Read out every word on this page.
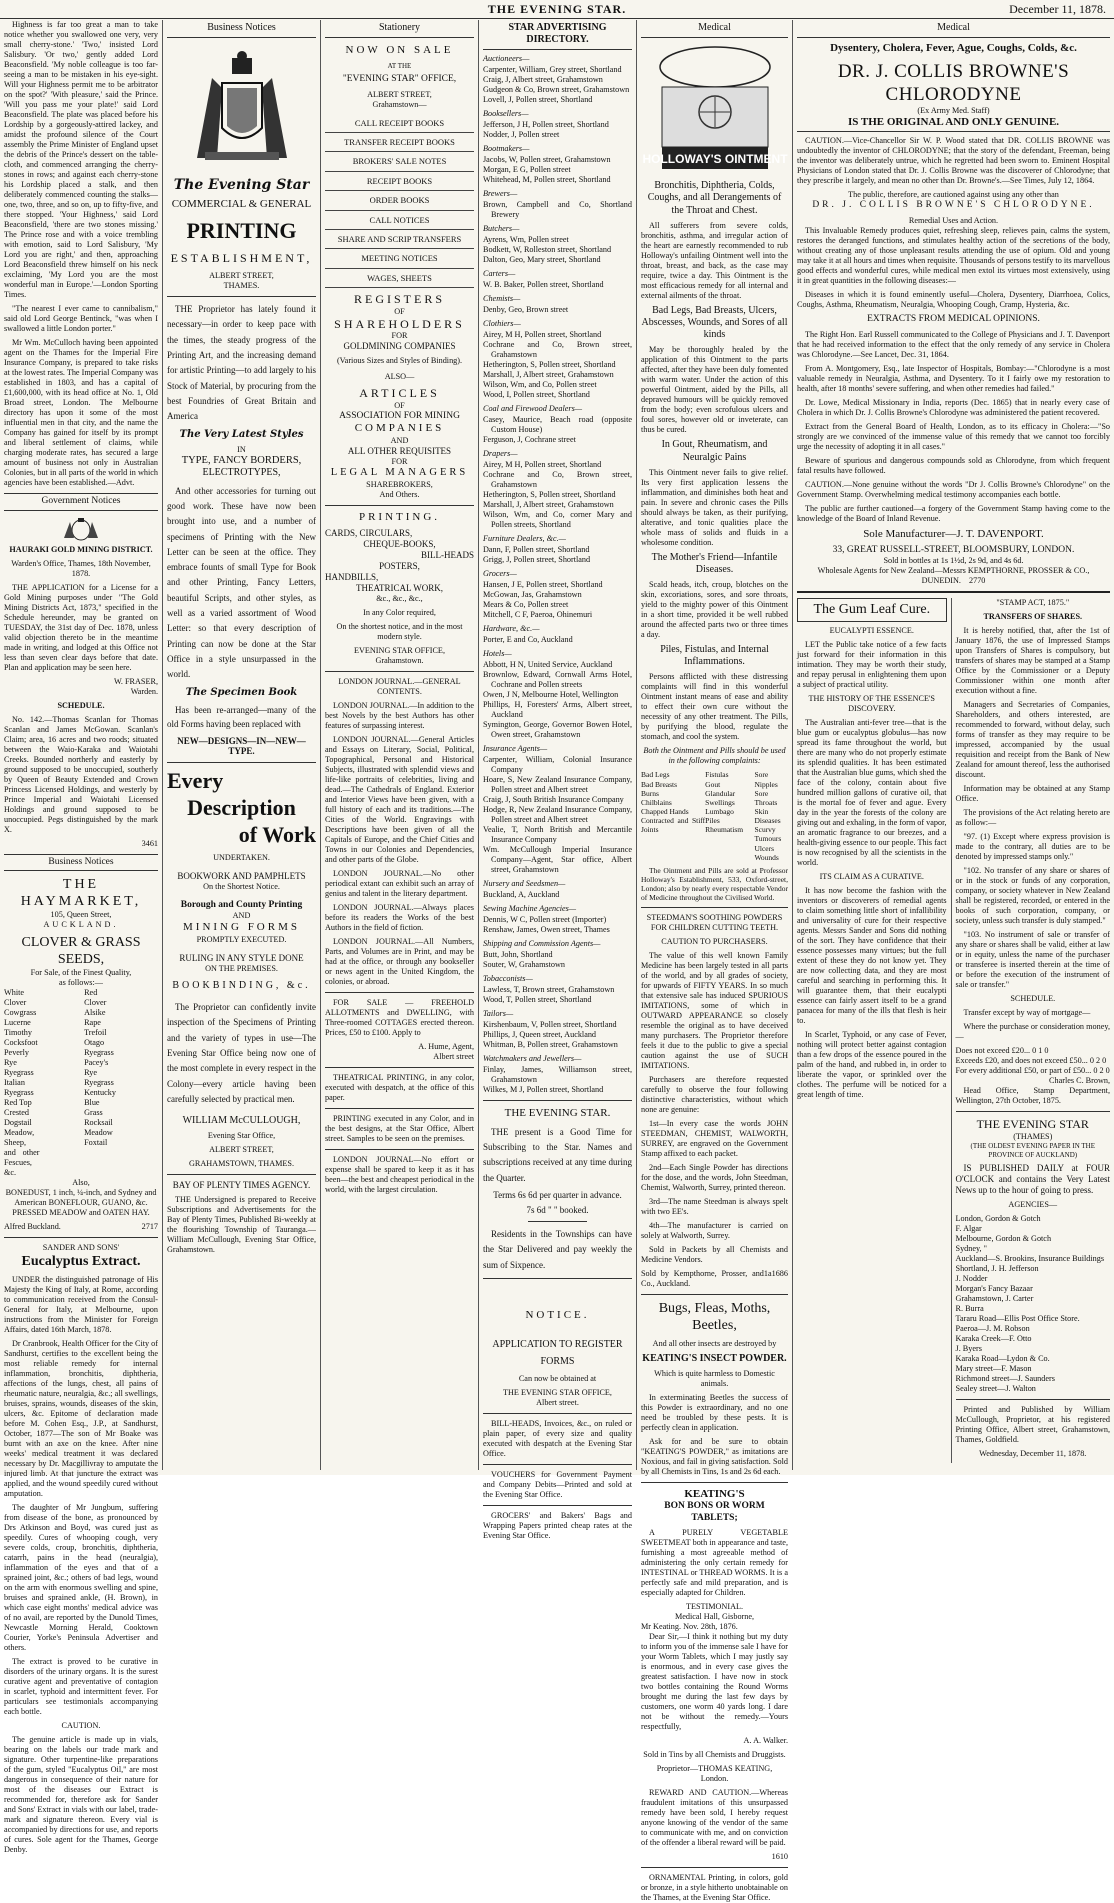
THE EVENING STAR.	December 11, 1878.

Highness is far too great a man to take notice whether you swallowed one very, very small cherry-stone.' 'Two,' insisted Lord Salisbury. 'Or two,' gently added Lord Beaconsfield. 'My noble colleague is too far-seeing a man to be mistaken in his eye-sight. Will your Highness permit me to be arbitrator on the spot?' 'With pleasure,' said the Prince. 'Will you pass me your plate!' said Lord Beaconsfield. The plate was placed before his Lordship by a gorgeously-attired lackey, and amidst the profound silence of the Court assembly the Prime Minister of England upset the debris of the Prince's dessert on the table-cloth, and commenced arranging the cherry-stones in rows; and against each cherry-stone his Lordship placed a stalk, and then deliberately commenced counting the stalks—one, two, three, and so on, up to fifty-five, and there stopped. 'Your Highness,' said Lord Beaconsfield, 'there are two stones missing.' The Prince rose and with a voice trembling with emotion, said to Lord Salisbury, 'My Lord you are right,' and then, approaching Lord Beaconsfield threw himself on his neck exclaiming, 'My Lord you are the most wonderful man in Europe.'—London Sporting Times.

"The nearest I ever came to cannibalism," said old Lord George Bentinck, "was when I swallowed a little London porter."

Mr Wm. McCulloch having been appointed agent on the Thames for the Imperial Fire Insurance Company, is prepared to take risks at the lowest rates. The Imperial Company was established in 1803, and has a capital of £1,600,000, with its head office at No. 1, Old Broad street, London. The Melbourne directory has upon it some of the most influential men in that city, and the name the Company has gained for itself by its prompt and liberal settlement of claims, while charging moderate rates, has secured a large amount of business not only in Australian Colonies, but in all parts of the world in which agencies have been established.—Advt.

Government Notices

HAURAKI GOLD MINING DISTRICT.

Warden's Office, Thames, 18th November, 1878.

THE APPLICATION for a License for a Gold Mining purposes under "The Gold Mining Districts Act, 1873," specified in the Schedule hereunder, may be granted on TUESDAY, the 31st day of Dec. 1878, unless valid objection thereto be in the meantime made in writing, and lodged at this Office not less than seven clear days before that date. Plan and application may be seen here.

W. FRASER,

Warden.

SCHEDULE.

No. 142.—Thomas Scanlan for Thomas Scanlan and James McGowan. Scanlan's Claim; area, 16 acres and two roods; situated between the Waio-Karaka and Waiotahi Creeks. Bounded northerly and easterly by ground supposed to be unoccupied, southerly by Queen of Beauty Extended and Crown Princess Licensed Holdings, and westerly by Prince Imperial and Waiotahi Licensed Holdings and ground supposed to be unoccupied. Pegs distinguished by the mark X.

3461

Business Notices

THE HAYMARKET,

105, Queen Street,

AUCKLAND.

CLOVER & GRASS SEEDS,

For Sale, of the Finest Quality,

as follows:—

White Clover
Cowgrass
Lucerne
Timothy
Cocksfoot
Peverly Rye Ryegrass
Italian Ryegrass
Red Top
Crested Dogstail
Meadow, Sheep, and other Fescues, &c.
Red Clover
Alsike
Rape
Trefoil
Otago Ryegrass
Pacey's Rye Ryegrass
Kentucky Blue Grass
Rocksail
Meadow Foxtail

Also,

BONEDUST, 1 inch, ¼-inch, and Sydney and American BONEFLOUR, GUANO, &c. PRESSED MEADOW and OATEN HAY.

Alfred Buckland.	2717

SANDER AND SONS'

Eucalyptus Extract.

UNDER the distinguished patronage of His Majesty the King of Italy, at Rome, according to communication received from the Consul-General for Italy, at Melbourne, upon instructions from the Minister for Foreign Affairs, dated 16th March, 1878.

Dr Cranbrook, Health Officer for the City of Sandhurst, certifies to the excellent being the most reliable remedy for internal inflammation, bronchitis, diphtheria, affections of the lungs, chest, all pains of rheumatic nature, neuralgia, &c.; all swellings, bruises, sprains, wounds, diseases of the skin, ulcers, &c. Epitome of declaration made before M. Cohen Esq., J.P., at Sandhurst, October, 1877—The son of Mr Boake was burnt with an axe on the knee. After nine weeks' medical treatment it was declared necessary by Dr. Macgillivray to amputate the injured limb. At that juncture the extract was applied, and the wound speedily cured without amputation.

The daughter of Mr Jungbum, suffering from disease of the bone, as pronounced by Drs Atkinson and Boyd, was cured just as speedily. Cures of whooping cough, very severe colds, croup, bronchitis, diphtheria, catarrh, pains in the head (neuralgia), inflammation of the eyes and that of a sprained joint, &c.; others of bad legs, wound on the arm with enormous swelling and spine, bruises and sprained ankle, (H. Brown), in which case eight months' medical advice was of no avail, are reported by the Dunold Times, Newcastle Morning Herald, Cooktown Courier, Yorke's Peninsula Advertiser and others.

The extract is proved to be curative in disorders of the urinary organs. It is the surest curative agent and preventative of contagion in scarlet, typhoid and intermittent fever. For particulars see testimonials accompanying each bottle.

CAUTION.

The genuine article is made up in vials, bearing on the labels our trade mark and signature. Other turpentine-like preparations of the gum, styled "Eucalyptus Oil," are most dangerous in consequence of their nature for most of the diseases our Extract is recommended for, therefore ask for Sander and Sons' Extract in vials with our label, trade-mark and signature thereon. Every vial is accompanied by directions for use, and reports of cures. Sole agent for the Thames, George Denby.

Business Notices

The Evening Star

COMMERCIAL & GENERAL

PRINTING

ESTABLISHMENT,

ALBERT STREET,

THAMES.

THE Proprietor has lately found it necessary—in order to keep pace with the times, the steady progress of the Printing Art, and the increasing demand for artistic Printing—to add largely to his Stock of Material, by procuring from the best Foundries of Great Britain and America

The Very Latest Styles

IN

TYPE, FANCY BORDERS,

ELECTROTYPES,

And other accessories for turning out good work. These have now been brought into use, and a number of specimens of Printing with the New Letter can be seen at the office. They embrace founts of small Type for Book and other Printing, Fancy Letters, beautiful Scripts, and other styles, as well as a varied assortment of Wood Letter: so that every description of Printing can now be done at the Star Office in a style unsurpassed in the world.

The Specimen Book

Has been re-arranged—many of the old Forms having been replaced with

NEW—DESIGNS—IN—NEW—TYPE.

Every

Description

of Work

UNDERTAKEN.

BOOKWORK AND PAMPHLETS

On the Shortest Notice.

Borough and County Printing

AND

MINING FORMS

PROMPTLY EXECUTED.

RULING IN ANY STYLE DONE

ON THE PREMISES.

BOOKBINDING, &c.

The Proprietor can confidently invite inspection of the Specimens of Printing and the variety of types in use—The Evening Star Office being now one of the most complete in every respect in the Colony—every article having been carefully selected by practical men.

WILLIAM McCULLOUGH,

Evening Star Office,

ALBERT STREET,

GRAHAMSTOWN, THAMES.

BAY OF PLENTY TIMES AGENCY.

THE Undersigned is prepared to Receive Subscriptions and Advertisements for the Bay of Plenty Times, Published Bi-weekly at the flourishing Township of Tauranga.—William McCullough, Evening Star Office, Grahamstown.

Stationery

NOW ON SALE

AT THE

"EVENING STAR" OFFICE,

ALBERT STREET,

Grahamstown—

CALL RECEIPT BOOKS
TRANSFER RECEIPT BOOKS
BROKERS' SALE NOTES
RECEIPT BOOKS
ORDER BOOKS
CALL NOTICES
SHARE AND SCRIP TRANSFERS
MEETING NOTICES
WAGES, SHEETS

REGISTERS

OF

SHAREHOLDERS

FOR

GOLDMINING COMPANIES

(Various Sizes and Styles of Binding).

ALSO—

ARTICLES

OF

ASSOCIATION FOR MINING

COMPANIES

AND

ALL OTHER REQUISITES

FOR

LEGAL MANAGERS

SHAREBROKERS,

And Others.

PRINTING.

CARDS, CIRCULARS,

CHEQUE-BOOKS,

BILL-HEADS

POSTERS,

HANDBILLS,

THEATRICAL WORK,

&c., &c., &c.,

In any Color required,

On the shortest notice, and in the most modern style.

EVENING STAR OFFICE,

Grahamstown.

LONDON JOURNAL.—GENERAL CONTENTS.

LONDON JOURNAL.—In addition to the best Novels by the best Authors has other features of surpassing interest.

LONDON JOURNAL.—General Articles and Essays on Literary, Social, Political, Topographical, Personal and Historical Subjects, illustrated with splendid views and life-like portraits of celebrities, living and dead.—The Cathedrals of England. Exterior and Interior Views have been given, with a full history of each and its traditions.—The Cities of the World. Engravings with Descriptions have been given of all the Capitals of Europe, and the Chief Cities and Towns in our Colonies and Dependencies, and other parts of the Globe.

LONDON JOURNAL.—No other periodical extant can exhibit such an array of genius and talent in the literary department.

LONDON JOURNAL.—Always places before its readers the Works of the best Authors in the field of fiction.

LONDON JOURNAL.—All Numbers, Parts, and Volumes are in Print, and may be had at the office, or through any bookseller or news agent in the United Kingdom, the colonies, or abroad.

FOR SALE — FREEHOLD ALLOTMENTS and DWELLING, with Three-roomed COTTAGES erected thereon. Prices, £50 to £100. Apply to

A. Hume, Agent,

Albert street

THEATRICAL PRINTING, in any color, executed with despatch, at the office of this paper.

PRINTING executed in any Color, and in the best designs, at the Star Office, Albert street. Samples to be seen on the premises.

LONDON JOURNAL—No effort or expense shall be spared to keep it as it has been—the best and cheapest periodical in the world, with the largest circulation.

STAR ADVERTISING DIRECTORY.

Auctioneers—

Carpenter, William, Grey street, Shortland

Craig, J, Albert street, Grahamstown

Gudgeon & Co, Brown street, Grahamstown

Lovell, J, Pollen street, Shortland

Booksellers—

Jefferson, J H, Pollen street, Shortland

Nodder, J, Pollen street

Bootmakers—

Jacobs, W, Pollen street, Grahamstown

Morgan, E G, Pollen street

Whitehead, M, Pollen street, Shortland

Brewers—

Brown, Campbell and Co, Shortland Brewery

Butchers—

Ayrens, Wm, Pollen street

Bodkett, W, Rolleston street, Shortland

Dalton, Geo, Mary street, Shortland

Carters—

W. B. Baker, Pollen street, Shortland

Chemists—

Denby, Geo, Brown street

Clothiers—

Airey, M H, Pollen street, Shortland

Cochrane and Co, Brown street, Grahamstown

Hetherington, S, Pollen street, Shortland

Marshall, J, Albert street, Grahamstown

Wilson, Wm, and Co, Pollen street

Wood, I, Pollen street, Shortland

Coal and Firewood Dealers—

Casey, Maurice, Beach road (opposite Custom House)

Ferguson, J, Cochrane street

Drapers—

Airey, M H, Pollen street, Shortland

Cochrane and Co, Brown street, Grahamstown

Hetherington, S, Pollen street, Shortland

Marshall, J, Albert street, Grahamstown

Wilson, Wm, and Co, corner Mary and Pollen streets, Shortland

Furniture Dealers, &c.—

Dann, F, Pollen street, Shortland

Grigg, J, Pollen street, Shortland

Grocers—

Hansen, J E, Pollen street, Shortland

McGowan, Jas, Grahamstown

Mears & Co, Pollen street

Mitchell, C F, Paeroa, Ohinemuri

Hardware, &c.—

Porter, E and Co, Auckland

Hotels—

Abbott, H N, United Service, Auckland

Brownlow, Edward, Cornwall Arms Hotel, Cochrane and Pollen streets

Owen, J N, Melbourne Hotel, Wellington

Phillips, H, Foresters' Arms, Albert street, Auckland

Symington, George, Governor Bowen Hotel, Owen street, Grahamstown

Insurance Agents—

Carpenter, William, Colonial Insurance Company

Hoare, S, New Zealand Insurance Company, Pollen street and Albert street

Craig, J, South British Insurance Company

Hodge, R, New Zealand Insurance Company, Pollen street and Albert street

Vealie, T, North British and Mercantile Insurance Company

Wm. McCullough Imperial Insurance Company—Agent, Star office, Albert street, Grahamstown

Nursery and Seedsmen—

Buckland, A, Auckland

Sewing Machine Agencies—

Dennis, W C, Pollen street (Importer)

Renshaw, James, Owen street, Thames

Shipping and Commission Agents—

Butt, John, Shortland

Souter, W, Grahamstown

Tobacconists—

Lawless, T, Brown street, Grahamstown

Wood, T, Pollen street, Shortland

Tailors—

Kirshenbaum, V, Pollen street, Shortland

Phillips, J, Queen street, Auckland

Whitman, B, Pollen street, Grahamstown

Watchmakers and Jewellers—

Finlay, James, Williamson street, Grahamstown

Wilkes, M J, Pollen street, Shortland

THE EVENING STAR.

THE present is a Good Time for Subscribing to the Star. Names and subscriptions received at any time during the Quarter.

Terms 6s 6d per quarter in advance.

7s 6d " " booked.

Residents in the Townships can have the Star Delivered and pay weekly the sum of Sixpence.

NOTICE.

APPLICATION TO REGISTER FORMS

Can now be obtained at

THE EVENING STAR OFFICE,

Albert street.

BILL-HEADS, Invoices, &c., on ruled or plain paper, of every size and quality executed with despatch at the Evening Star Office.

VOUCHERS for Government Payment and Company Debits—Printed and sold at the Evening Star Office.

GROCERS' and Bakers' Bags and Wrapping Papers printed cheap rates at the Evening Star Office.

Medical
HOLLOWAY'S OINTMENT

Bronchitis, Diphtheria, Colds, Coughs, and all Derangements of the Throat and Chest.

All sufferers from severe colds, bronchitis, asthma, and irregular action of the heart are earnestly recommended to rub Holloway's unfailing Ointment well into the throat, breast, and back, as the case may require, twice a day. This Ointment is the most efficacious remedy for all internal and external ailments of the throat.

Bad Legs, Bad Breasts, Ulcers, Abscesses, Wounds, and Sores of all kinds

May be thoroughly healed by the application of this Ointment to the parts affected, after they have been duly fomented with warm water. Under the action of this powerful Ointment, aided by the Pills, all depraved humours will be quickly removed from the body; even scrofulous ulcers and foul sores, however old or inveterate, can thus be cured.

In Gout, Rheumatism, and Neuralgic Pains

This Ointment never fails to give relief. Its very first application lessens the inflammation, and diminishes both heat and pain. In severe and chronic cases the Pills should always be taken, as their purifying, alterative, and tonic qualities place the whole mass of solids and fluids in a wholesome condition.

The Mother's Friend—Infantile Diseases.

Scald heads, itch, croup, blotches on the skin, excoriations, sores, and sore throats, yield to the mighty power of this Ointment in a short time, provided it be well rubbed around the affected parts two or three times a day.

Piles, Fistulas, and Internal Inflammations.

Persons afflicted with these distressing complaints will find in this wonderful Ointment instant means of ease and ability to effect their own cure without the necessity of any other treatment. The Pills, by purifying the blood, regulate the stomach, and cool the system.

Both the Ointment and Pills should be used in the following complaints:

Bad Legs
Bad Breasts
Burns
Chilblains
Chapped Hands
Contracted and Stiff Joints
Fistulas
Gout
Glandular Swellings
Lumbago
Piles
Rheumatism
Sore Nipples
Sore Throats
Skin Diseases
Scurvy
Tumours
Ulcers
Wounds

The Ointment and Pills are sold at Professor Holloway's Establishment, 533, Oxford-street, London; also by nearly every respectable Vendor of Medicine throughout the Civilised World.

STEEDMAN'S SOOTHING POWDERS FOR CHILDREN CUTTING TEETH.

CAUTION TO PURCHASERS.

The value of this well known Family Medicine has been largely tested in all parts of the world, and by all grades of society, for upwards of FIFTY YEARS. In so much that extensive sale has induced SPURIOUS IMITATIONS, some of which in OUTWARD APPEARANCE so closely resemble the original as to have deceived many purchasers. The Proprietor therefore feels it due to the public to give a special caution against the use of SUCH IMITATIONS.

Purchasers are therefore requested carefully to observe the four following distinctive characteristics, without which none are genuine:

1st—In every case the words JOHN STEEDMAN, CHEMIST, WALWORTH, SURREY, are engraved on the Government Stamp affixed to each packet.

2nd—Each Single Powder has directions for the dose, and the words, John Steedman, Chemist, Walworth, Surrey, printed thereon.

3rd—The name Steedman is always spelt with two EE's.

4th—The manufacturer is carried on solely at Walworth, Surrey.

Sold in Packets by all Chemists and Medicine Vendors.

Sold by Kempthorne, Prosser, and Co., Auckland.
1a1686

Bugs, Fleas, Moths, Beetles,

And all other insects are destroyed by

KEATING'S INSECT POWDER.

Which is quite harmless to Domestic animals.

In exterminating Beetles the success of this Powder is extraordinary, and no one need be troubled by these pests. It is perfectly clean in application.

Ask for and be sure to obtain "KEATING'S POWDER," as imitations are Noxious, and fail in giving satisfaction. Sold by all Chemists in Tins, 1s and 2s 6d each.

KEATING'S

BON BONS OR WORM TABLETS;

A PURELY VEGETABLE SWEETMEAT both in appearance and taste, furnishing a most agreeable method of administering the only certain remedy for INTESTINAL or THREAD WORMS. It is a perfectly safe and mild preparation, and is especially adapted for Children.

TESTIMONIAL.

Medical Hall, Gisborne,

Mr Keating. Nov. 28th, 1876.

Dear Sir,—I think it nothing but my duty to inform you of the immense sale I have for your Worm Tablets, which I may justly say is enormous, and in every case gives the greatest satisfaction. I have now in stock two bottles containing the Round Worms brought me during the last few days by customers, one worm 40 yards long. I dare not be without the remedy.—Yours respectfully,

A. A. Walker.

Sold in Tins by all Chemists and Druggists.

Proprietor—THOMAS KEATING,

London.

REWARD AND CAUTION.—Whereas fraudulent imitations of this unsurpassed remedy have been sold, I hereby request anyone knowing of the vendor of the same to communicate with me, and on conviction of the offender a liberal reward will be paid.

1610

ORNAMENTAL Printing, in colors, gold or bronze, in a style hitherto unobtainable on the Thames, at the Evening Star Office.

Medical

Dysentery, Cholera, Fever, Ague, Coughs, Colds, &c.

DR. J. COLLIS BROWNE'S CHLORODYNE

(Ex Army Med. Staff)

IS THE ORIGINAL AND ONLY GENUINE.

CAUTION.—Vice-Chancellor Sir W. P. Wood stated that DR. COLLIS BROWNE was undoubtedly the inventor of CHLORODYNE; that the story of the defendant, Freeman, being the inventor was deliberately untrue, which he regretted had been sworn to. Eminent Hospital Physicians of London stated that Dr. J. Collis Browne was the discoverer of Chlorodyne; that they prescribe it largely, and mean no other than Dr. Browne's.—See Times, July 12, 1864.

The public, therefore, are cautioned against using any other than

DR. J. COLLIS BROWNE'S CHLORODYNE.

Remedial Uses and Action.

This Invaluable Remedy produces quiet, refreshing sleep, relieves pain, calms the system, restores the deranged functions, and stimulates healthy action of the secretions of the body, without creating any of those unpleasant results attending the use of opium. Old and young may take it at all hours and times when requisite. Thousands of persons testify to its marvellous good effects and wonderful cures, while medical men extol its virtues most extensively, using it in great quantities in the following diseases:—

Diseases in which it is found eminently useful—Cholera, Dysentery, Diarrhoea, Colics, Coughs, Asthma, Rheumatism, Neuralgia, Whooping Cough, Cramp, Hysteria, &c.

EXTRACTS FROM MEDICAL OPINIONS.

The Right Hon. Earl Russell communicated to the College of Physicians and J. T. Davenport that he had received information to the effect that the only remedy of any service in Cholera was Chlorodyne.—See Lancet, Dec. 31, 1864.

From A. Montgomery, Esq., late Inspector of Hospitals, Bombay:—"Chlorodyne is a most valuable remedy in Neuralgia, Asthma, and Dysentery. To it I fairly owe my restoration to health, after 18 months' severe suffering, and when other remedies had failed."

Dr. Lowe, Medical Missionary in India, reports (Dec. 1865) that in nearly every case of Cholera in which Dr. J. Collis Browne's Chlorodyne was administered the patient recovered.

Extract from the General Board of Health, London, as to its efficacy in Cholera:—"So strongly are we convinced of the immense value of this remedy that we cannot too forcibly urge the necessity of adopting it in all cases."

Beware of spurious and dangerous compounds sold as Chlorodyne, from which frequent fatal results have followed.

CAUTION.—None genuine without the words "Dr J. Collis Browne's Chlorodyne" on the Government Stamp. Overwhelming medical testimony accompanies each bottle.

The public are further cautioned—a forgery of the Government Stamp having come to the knowledge of the Board of Inland Revenue.

Sole Manufacturer—J. T. DAVENPORT.

33, GREAT RUSSELL-STREET, BLOOMSBURY, LONDON.

Sold in bottles at 1s 1½d, 2s 9d, and 4s 6d.

Wholesale Agents for New Zealand—Messrs KEMPTHORNE, PROSSER & CO., DUNEDIN. 2770

The Gum Leaf Cure.

EUCALYPTI ESSENCE.

LET the Public take notice of a few facts just forward for their information in this intimation. They may be worth their study, and repay perusal in enlightening them upon a subject of practical utility.

THE HISTORY OF THE ESSENCE'S DISCOVERY.

The Australian anti-fever tree—that is the blue gum or eucalyptus globulus—has now spread its fame throughout the world, but there are many who do not properly estimate its splendid qualities. It has been estimated that the Australian blue gums, which shed the face of the colony, contain about five hundred million gallons of curative oil, that is the mortal foe of fever and ague. Every day in the year the forests of the colony are giving out and exhaling, in the form of vapor, an aromatic fragrance to our breezes, and a health-giving essence to our people. This fact is now recognised by all the scientists in the world.

ITS CLAIM AS A CURATIVE.

It has now become the fashion with the inventors or discoverers of remedial agents to claim something little short of infallibility and universality of cure for their respective agents. Messrs Sander and Sons did nothing of the sort. They have confidence that their essence possesses many virtues; but the full extent of these they do not know yet. They are now collecting data, and they are most careful and searching in performing this. It will guarantee them, that their eucalypti essence can fairly assert itself to be a grand panacea for many of the ills that flesh is heir to.

In Scarlet, Typhoid, or any case of Fever, nothing will protect better against contagion than a few drops of the essence poured in the palm of the hand, and rubbed in, in order to liberate the vapor, or sprinkled over the clothes. The perfume will be noticed for a great length of time.

"STAMP ACT, 1875."

TRANSFERS OF SHARES.

It is hereby notified, that, after the 1st of January 1876, the use of Impressed Stamps upon Transfers of Shares is compulsory, but transfers of shares may be stamped at a Stamp Office by the Commissioner or a Deputy Commissioner within one month after execution without a fine.

Managers and Secretaries of Companies, Shareholders, and others interested, are recommended to forward, without delay, such forms of transfer as they may require to be impressed, accompanied by the usual requisition and receipt from the Bank of New Zealand for amount thereof, less the authorised discount.

Information may be obtained at any Stamp Office.

The provisions of the Act relating hereto are as follow:—

"97. (1) Except where express provision is made to the contrary, all duties are to be denoted by impressed stamps only."

"102. No transfer of any share or shares of or in the stock or funds of any corporation, company, or society whatever in New Zealand shall be registered, recorded, or entered in the books of such corporation, company, or society, unless such transfer is duly stamped."

"103. No instrument of sale or transfer of any share or shares shall be valid, either at law or in equity, unless the name of the purchaser or transferee is inserted therein at the time of or before the execution of the instrument of sale or transfer."

SCHEDULE.

Transfer except by way of mortgage—

Where the purchase or consideration money,—

Does not exceed £20... 0 1 0
Exceeds £20, and does not exceed £50... 0 2 0
For every additional £50, or part of £50... 0 2 0

Charles C. Brown,

Head Office, Stamp Department, Wellington, 27th October, 1875.

THE EVENING STAR

(THAMES)

(THE OLDEST EVENING PAPER IN THE PROVINCE OF AUCKLAND)

IS PUBLISHED DAILY at FOUR O'CLOCK and contains the Very Latest News up to the hour of going to press.

AGENCIES—

London, Gordon & Gotch
F. Algar
Melbourne, Gordon & Gotch
Sydney, "
Auckland—S. Brookins, Insurance Buildings
Shortland, J. H. Jefferson
J. Nodder
Morgan's Fancy Bazaar
Grahamstown, J. Carter
R. Burra
Tararu Road—Ellis Post Office Store.
Paeroa—J. M. Robson
Karaka Creek—F. Otto
J. Byers
Karaka Road—Lydon & Co.
Mary street—F. Mason
Richmond street—J. Saunders
Sealey street—J. Walton

Printed and Published by William McCullough, Proprietor, at his registered Printing Office, Albert street, Grahamstown, Thames, Goldfield.

Wednesday, December 11, 1878.
